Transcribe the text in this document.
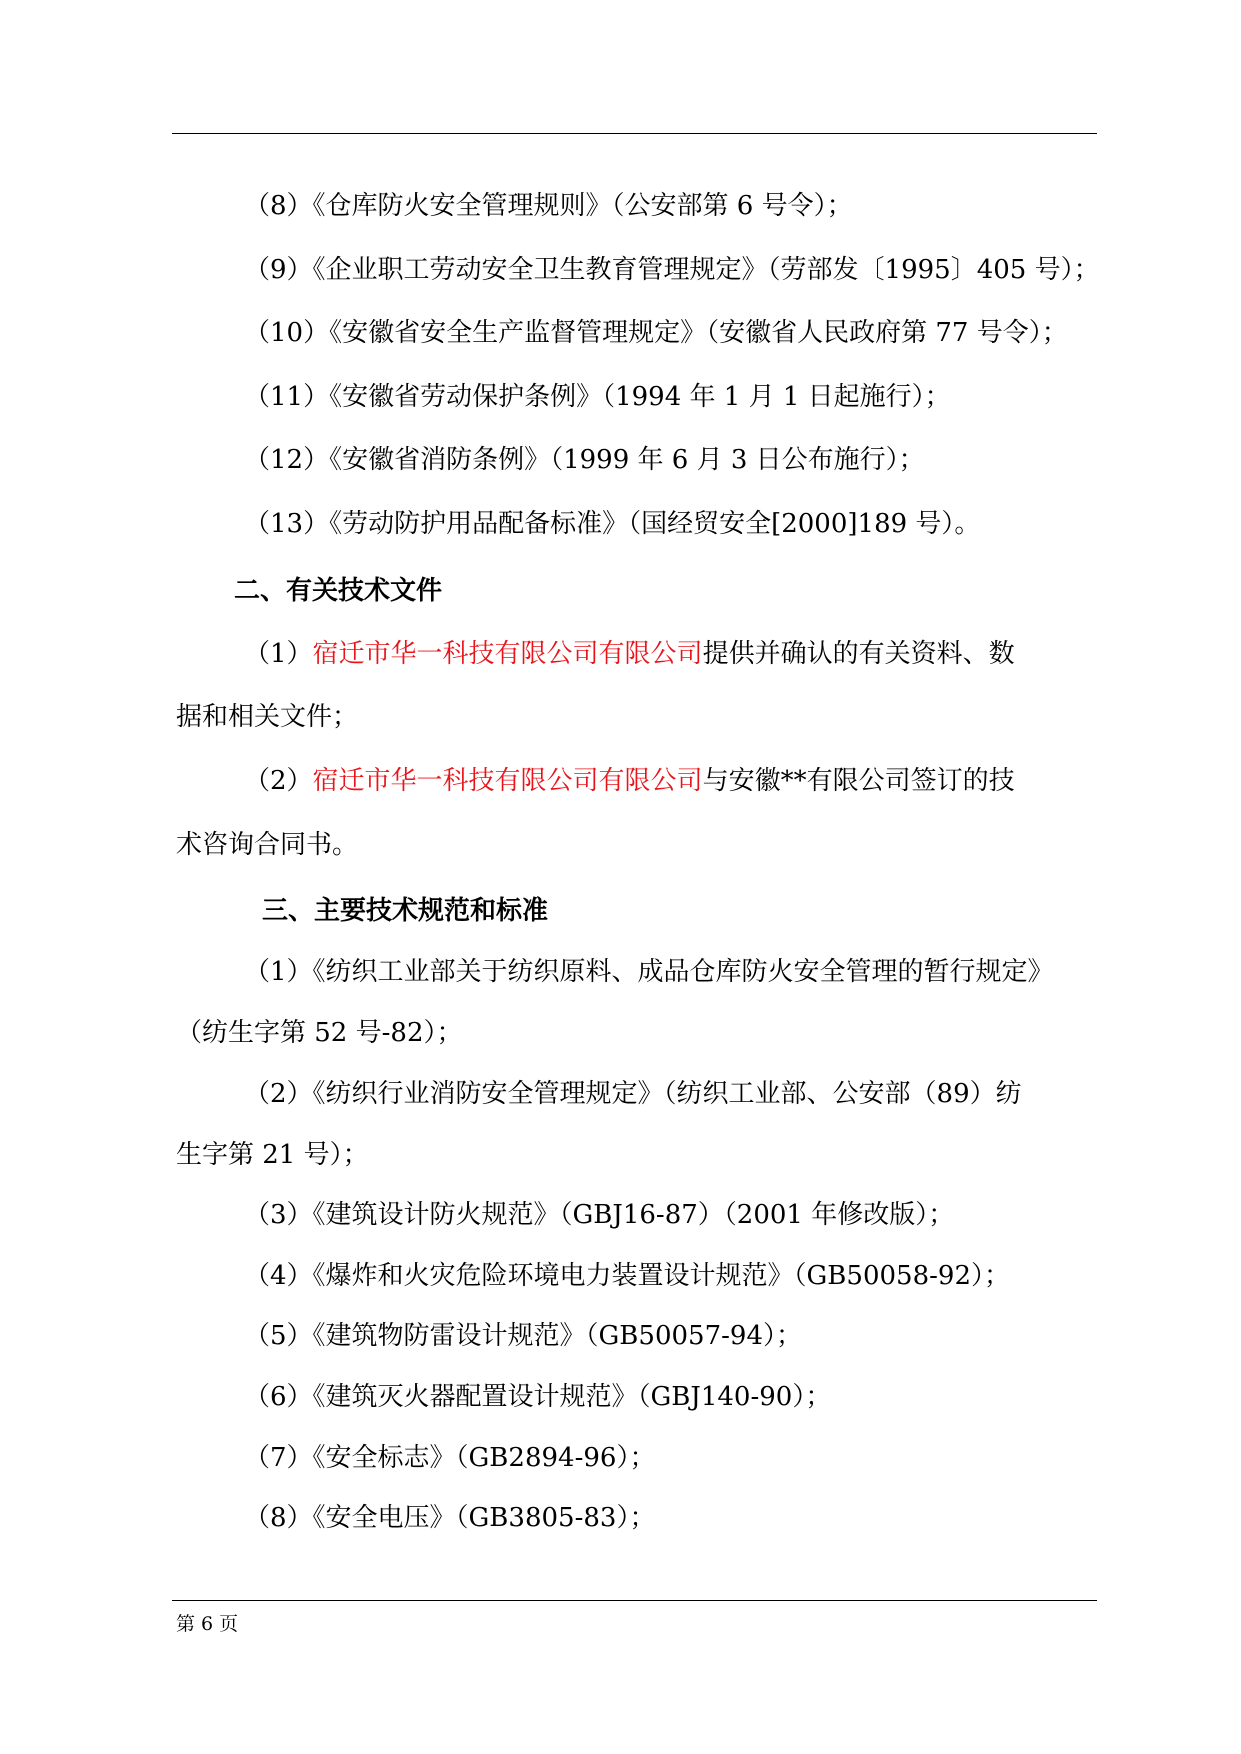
（8）《仓库防火安全管理规则》（公安部第 6 号令）；
（9）《企业职工劳动安全卫生教育管理规定》（劳部发〔1995〕405 号）；
（10）《安徽省安全生产监督管理规定》（安徽省人民政府第 77 号令）；
（11）《安徽省劳动保护条例》（1994 年 1 月 1 日起施行）；
（12）《安徽省消防条例》（1999 年 6 月 3 日公布施行）；
（13）《劳动防护用品配备标准》（国经贸安全[2000]189 号）。
二、有关技术文件
（1）宿迁市华一科技有限公司有限公司提供并确认的有关资料、数
据和相关文件；
（2）宿迁市华一科技有限公司有限公司与安徽**有限公司签订的技
术咨询合同书。
三、主要技术规范和标准
（1）《纺织工业部关于纺织原料、成品仓库防火安全管理的暂行规定》
（纺生字第 52 号-82）；
（2）《纺织行业消防安全管理规定》（纺织工业部、公安部（89）纺
生字第 21 号）；
（3）《建筑设计防火规范》（GBJ16-87）（2001 年修改版）；
（4）《爆炸和火灾危险环境电力装置设计规范》（GB50058-92）；
（5）《建筑物防雷设计规范》（GB50057-94）；
（6）《建筑灭火器配置设计规范》（GBJ140-90）；
（7）《安全标志》（GB2894-96）；
（8）《安全电压》（GB3805-83）；
第 6 页
